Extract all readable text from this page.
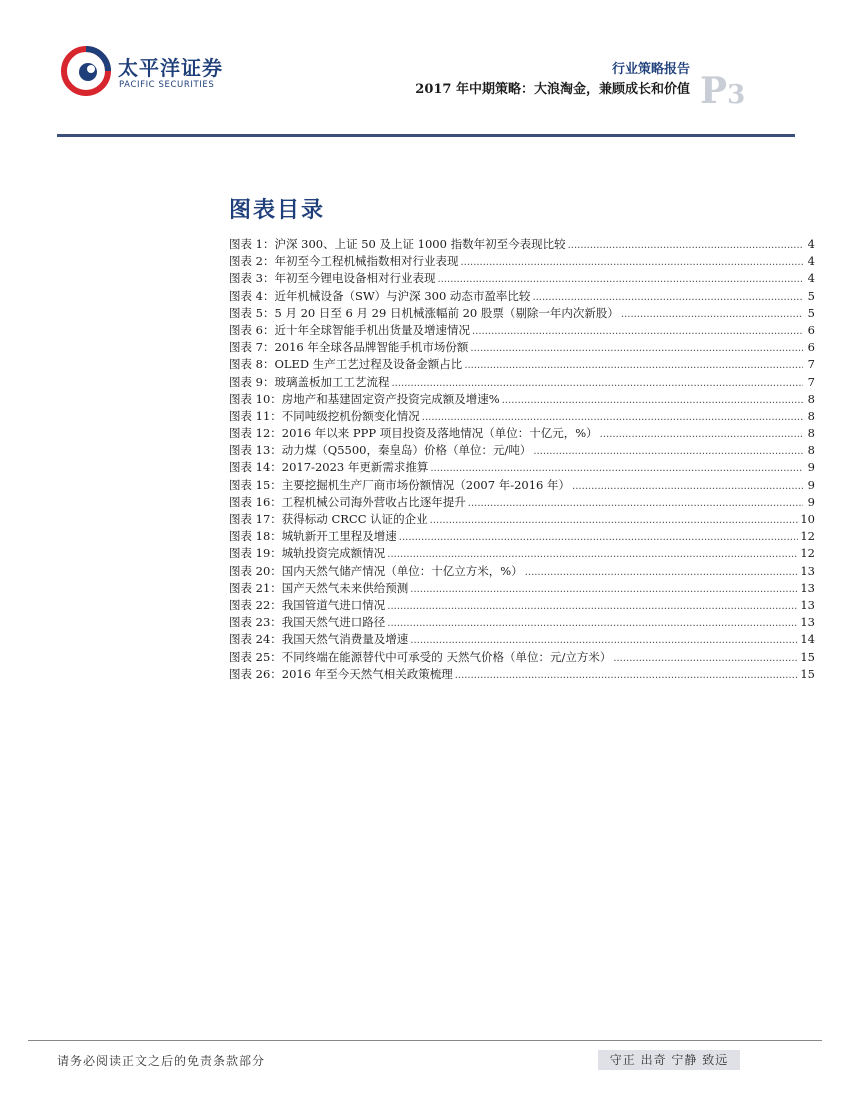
太平洋证券
PACIFIC SECURITIES
行业策略报告
2017 年中期策略：大浪淘金，兼顾成长和价值 P3
图表目录
图表 1：沪深 300、上证 50 及上证 1000 指数年初至今表现比较 .....	4
图表 2：年初至今工程机械指数相对行业表现 .....	4
图表 3：年初至今锂电设备相对行业表现 .....	4
图表 4：近年机械设备（SW）与沪深 300 动态市盈率比较 .....	5
图表 5：5 月 20 日至 6 月 29 日机械涨幅前 20 股票（剔除一年内次新股） .....	5
图表 6：近十年全球智能手机出货量及增速情况 .....	6
图表 7：2016 年全球各品牌智能手机市场份额 .....	6
图表 8：OLED 生产工艺过程及设备金额占比 .....	7
图表 9：玻璃盖板加工工艺流程 .....	7
图表 10：房地产和基建固定资产投资完成额及增速% .....	8
图表 11：不同吨级挖机份额变化情况 .....	8
图表 12：2016 年以来 PPP 项目投资及落地情况（单位：十亿元，%） .....	8
图表 13：动力煤（Q5500，秦皇岛）价格（单位：元/吨） .....	8
图表 14：2017-2023 年更新需求推算 .....	9
图表 15：主要挖掘机生产厂商市场份额情况（2007 年-2016 年） .....	9
图表 16：工程机械公司海外营收占比逐年提升 .....	9
图表 17：获得标动 CRCC 认证的企业 .....	10
图表 18：城轨新开工里程及增速 .....	12
图表 19：城轨投资完成额情况 .....	12
图表 20：国内天然气储产情况（单位：十亿立方米，%） .....	13
图表 21：国产天然气未来供给预测 .....	13
图表 22：我国管道气进口情况 .....	13
图表 23：我国天然气进口路径 .....	13
图表 24：我国天然气消费量及增速 .....	14
图表 25：不同终端在能源替代中可承受的 天然气价格（单位：元/立方米） .....	15
图表 26：2016 年至今天然气相关政策梳理 .....	15
请务必阅读正文之后的免责条款部分	守正 出奇 宁静 致远
